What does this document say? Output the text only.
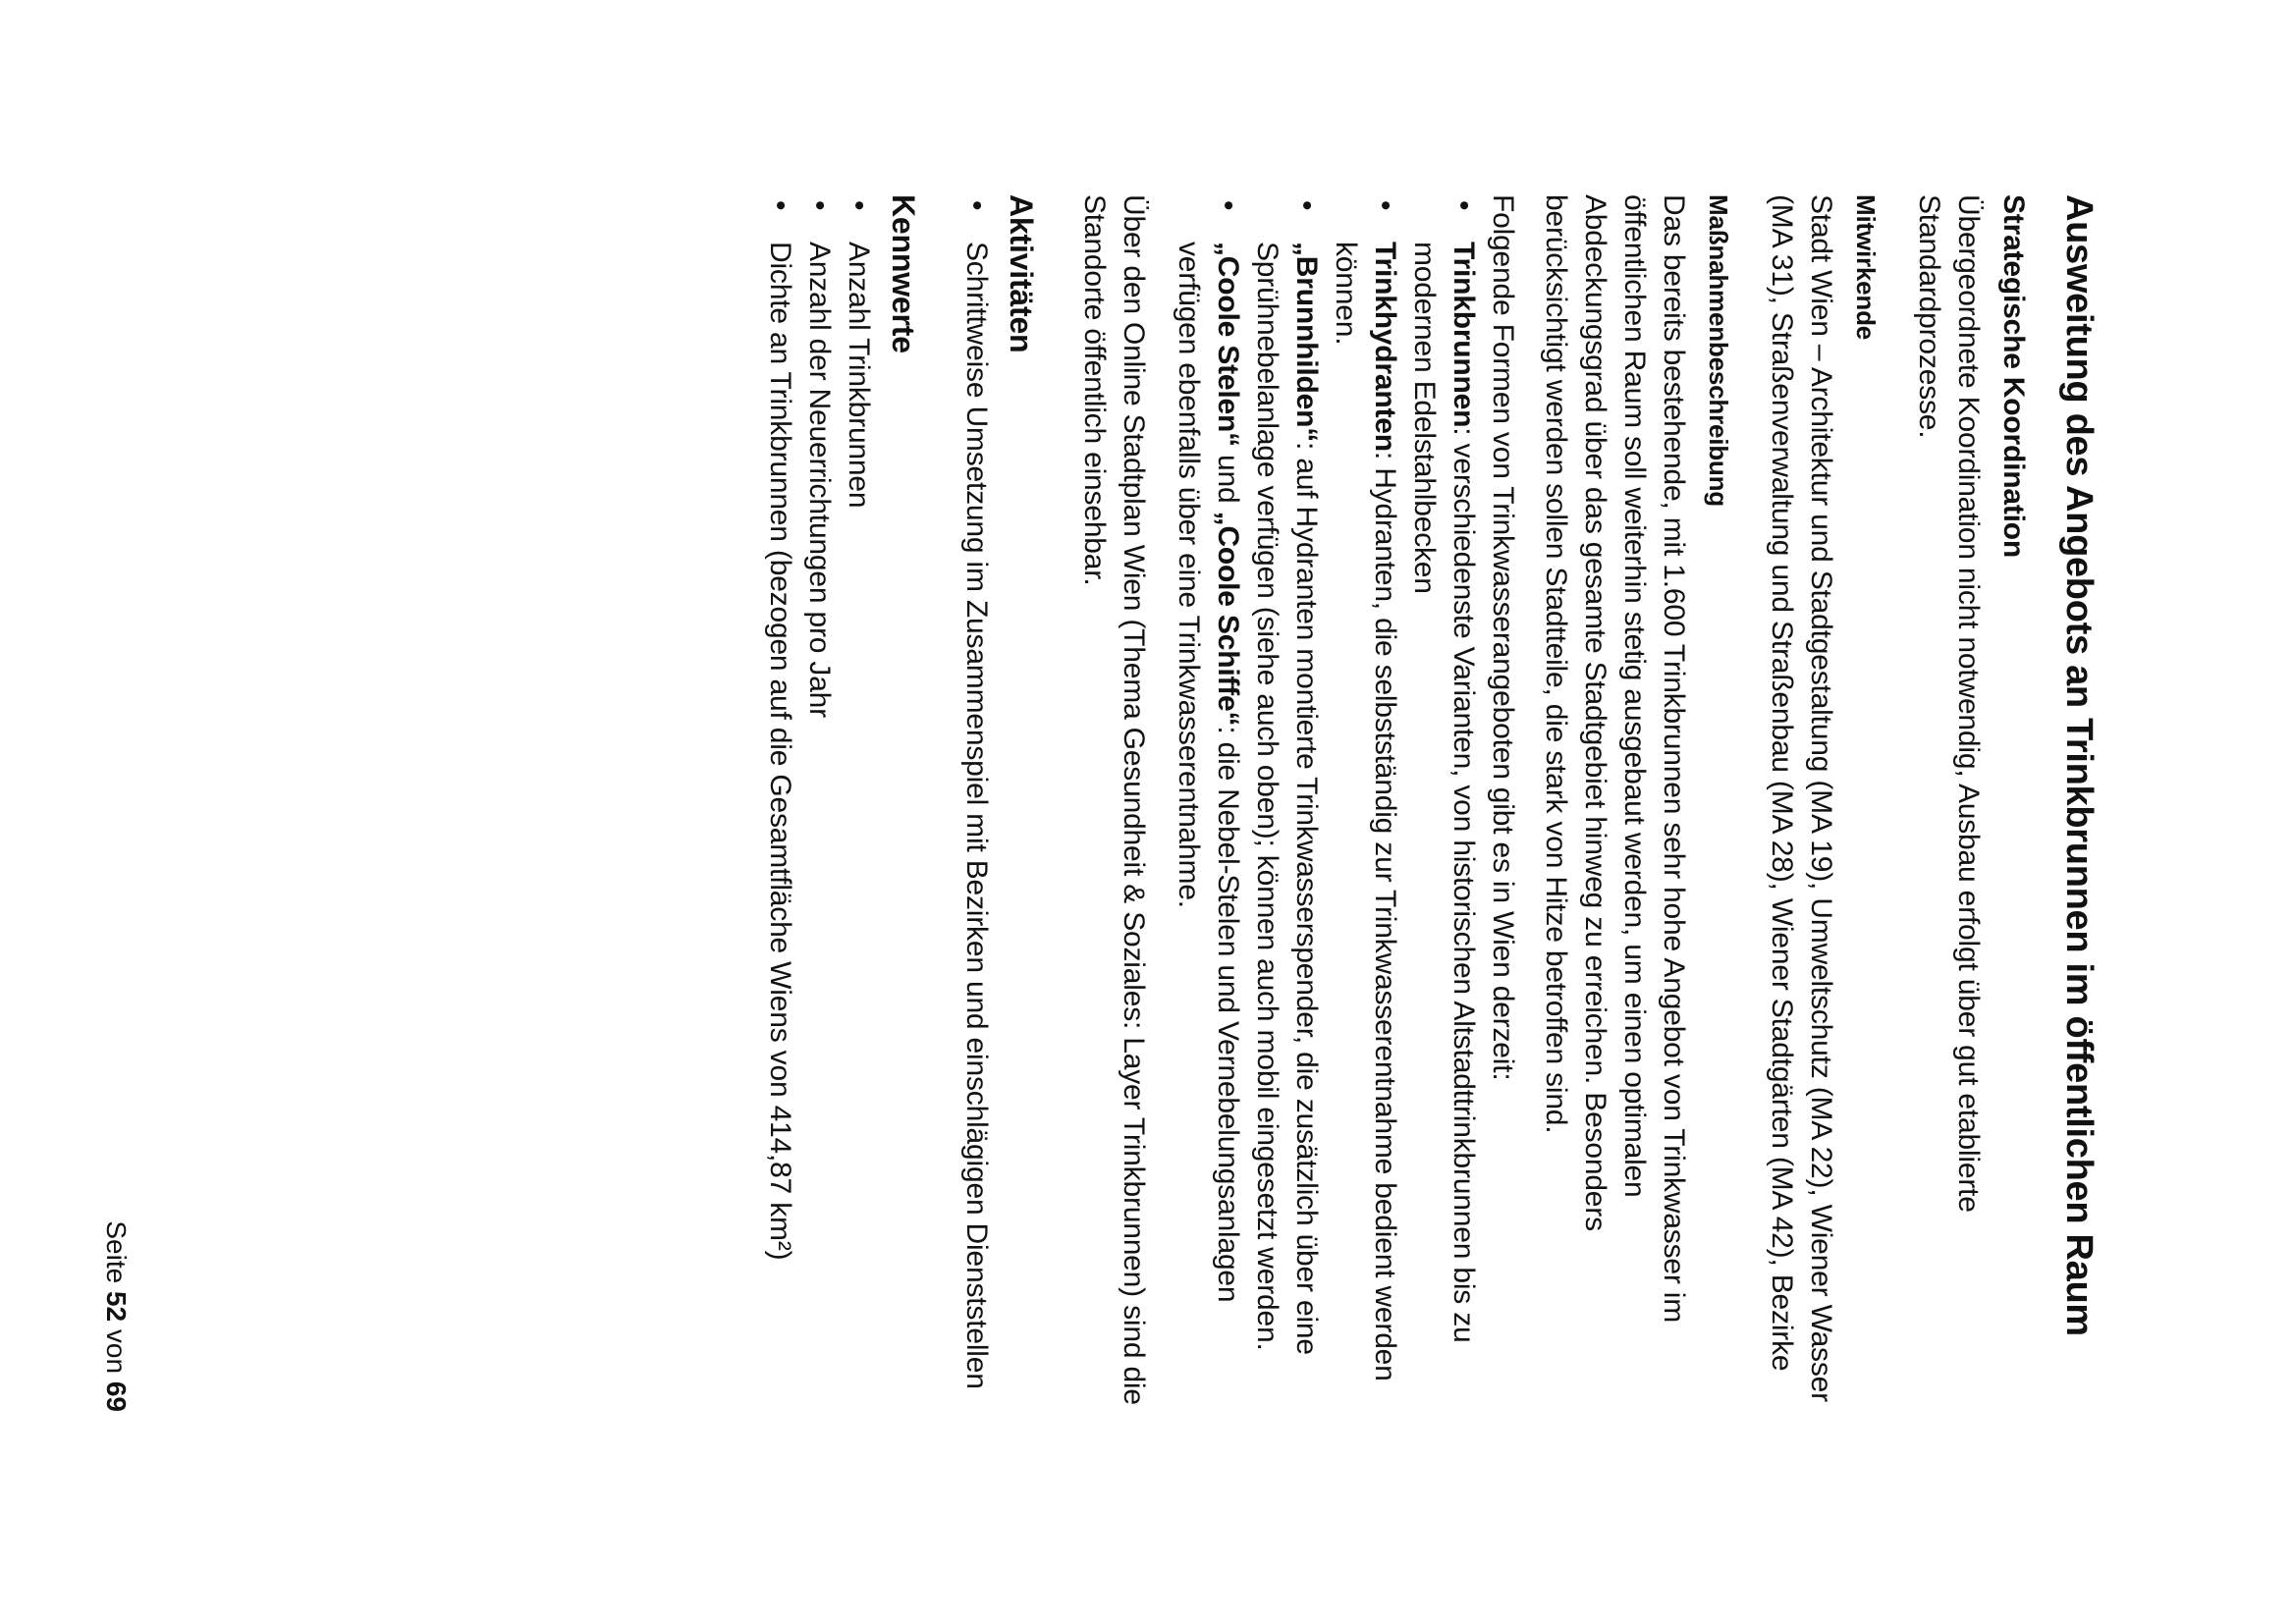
Ausweitung des Angebots an Trinkbrunnen im öffentlichen Raum
Strategische Koordination

Übergeordnete Koordination nicht notwendig, Ausbau erfolgt über gut etablierte Standardprozesse.

Mitwirkende

Stadt Wien – Architektur und Stadtgestaltung (MA 19), Umweltschutz (MA 22), Wiener Wasser (MA 31), Straßenverwaltung und Straßenbau (MA 28), Wiener Stadtgärten (MA 42), Bezirke

Maßnahmenbeschreibung

Das bereits bestehende, mit 1.600 Trinkbrunnen sehr hohe Angebot von Trinkwasser im öffentlichen Raum soll weiterhin stetig ausgebaut werden, um einen optimalen Abdeckungsgrad über das gesamte Stadtgebiet hinweg zu erreichen. Besonders berücksichtigt werden sollen Stadtteile, die stark von Hitze betroffen sind.

Folgende Formen von Trinkwasserangeboten gibt es in Wien derzeit:

•
Trinkbrunnen: verschiedenste Varianten, von historischen Altstadttrinkbrunnen bis zu modernen Edelstahlbecken
•
Trinkhydranten: Hydranten, die selbstständig zur Trinkwasserentnahme bedient werden können.
•
„Brunnhilden“: auf Hydranten montierte Trinkwasserspender, die zusätzlich über eine Sprühnebelanlage verfügen (siehe auch oben); können auch mobil eingesetzt werden.
•
„Coole Stelen“ und „Coole Schiffe“: die Nebel-Stelen und Vernebelungsanlagen verfügen ebenfalls über eine Trinkwasserentnahme.

Über den Online Stadtplan Wien (Thema Gesundheit & Soziales: Layer Trinkbrunnen) sind die Standorte öffentlich einsehbar.

Aktivitäten
•
Schrittweise Umsetzung im Zusammenspiel mit Bezirken und einschlägigen Dienststellen
Kennwerte
•
Anzahl Trinkbrunnen
•
Anzahl der Neuerrichtungen pro Jahr
•
Dichte an Trinkbrunnen (bezogen auf die Gesamtfläche Wiens von 414,87 km²)
Seite 52 von 69
